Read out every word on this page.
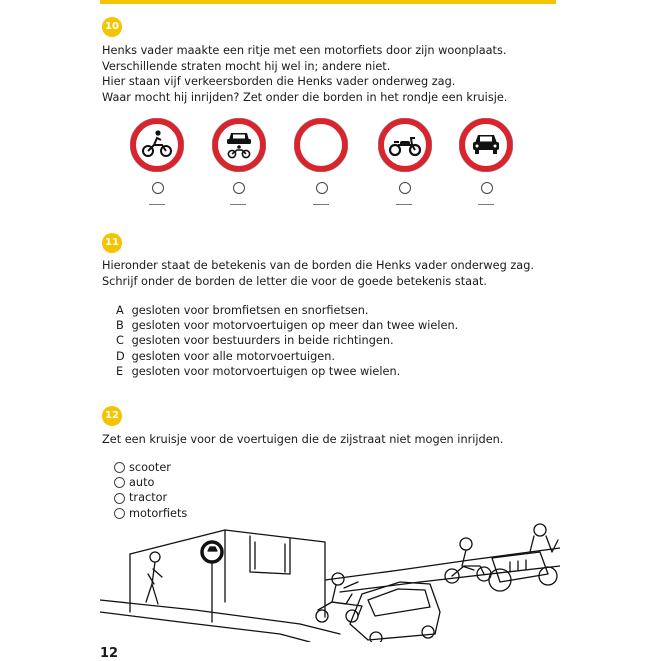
10
Henks vader maakte een ritje met een motorfiets door zijn woonplaats.
Verschillende straten mocht hij wel in; andere niet.
Hier staan vijf verkeersborden die Henks vader onderweg zag.
Waar mocht hij inrijden? Zet onder die borden in het rondje een kruisje.
11
Hieronder staat de betekenis van de borden die Henks vader onderweg zag.
Schrijf onder de borden de letter die voor de goede betekenis staat.
A gesloten voor bromfietsen en snorfietsen.
B gesloten voor motorvoertuigen op meer dan twee wielen.
C gesloten voor bestuurders in beide richtingen.
D gesloten voor alle motorvoertuigen.
E gesloten voor motorvoertuigen op twee wielen.
12
Zet een kruisje voor de voertuigen die de zijstraat niet mogen inrijden.
scooter
auto
tractor
motorfiets
12
